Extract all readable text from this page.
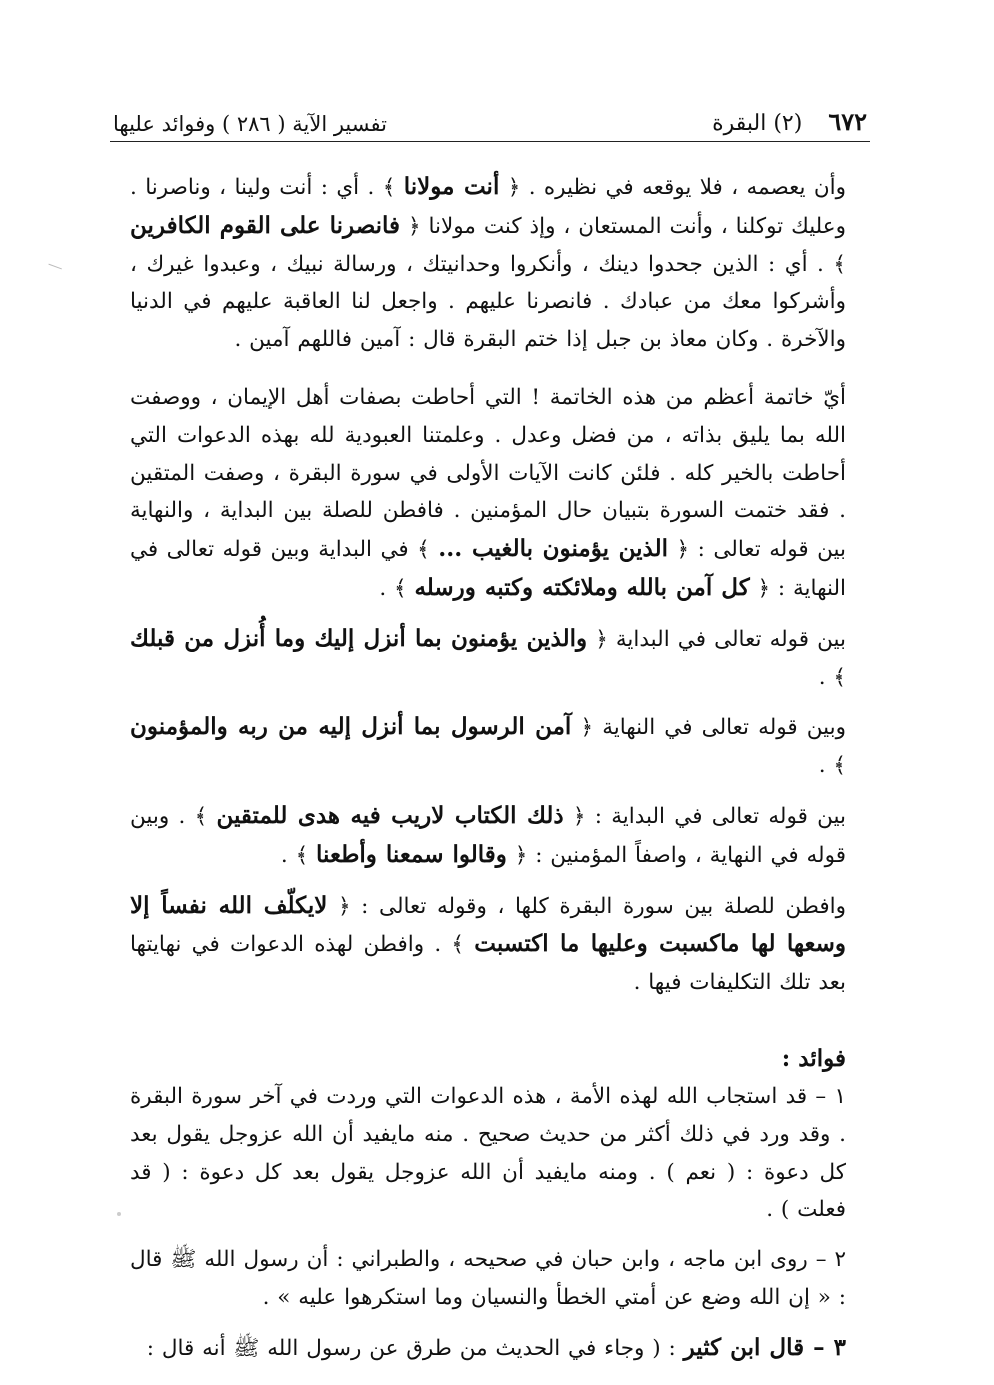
٦٧٢
(٢) البقرة
تفسير الآية ( ٢٨٦ ) وفوائد عليها

وأن يعصمه ، فلا يوقعه في نظيره . ﴿ أنت مولانا ﴾ . أي : أنت ولينا ، وناصرنا . وعليك توكلنا ، وأنت المستعان ، وإذ كنت مولانا ﴿ فانصرنا على القوم الكافرين ﴾ . أي : الذين جحدوا دينك ، وأنكروا وحدانيتك ، ورسالة نبيك ، وعبدوا غيرك ، وأشركوا معك من عبادك . فانصرنا عليهم . واجعل لنا العاقبة عليهم في الدنيا والآخرة . وكان معاذ بن جبل إذا ختم البقرة قال : آمين فاللهم آمين .

أيّ خاتمة أعظم من هذه الخاتمة ! التي أحاطت بصفات أهل الإيمان ، ووصفت الله بما يليق بذاته ، من فضل وعدل . وعلمتنا العبودية لله بهذه الدعوات التي أحاطت بالخير كله . فلئن كانت الآيات الأولى في سورة البقرة ، وصفت المتقين . فقد ختمت السورة بتبيان حال المؤمنين . فافطن للصلة بين البداية ، والنهاية بين قوله تعالى : ﴿ الذين يؤمنون بالغيب ... ﴾ في البداية وبين قوله تعالى في النهاية : ﴿ كل آمن بالله وملائكته وكتبه ورسله ﴾ .

بين قوله تعالى في البداية ﴿ والذين يؤمنون بما أنزل إليك وما أُنزل من قبلك ﴾ .

وبين قوله تعالى في النهاية ﴿ آمن الرسول بما أنزل إليه من ربه والمؤمنون ﴾ .

بين قوله تعالى في البداية : ﴿ ذلك الكتاب لاريب فيه هدى للمتقين ﴾ . وبين قوله في النهاية ، واصفاً المؤمنين : ﴿ وقالوا سمعنا وأطعنا ﴾ .

وافطن للصلة بين سورة البقرة كلها ، وقوله تعالى : ﴿ لايكلّف الله نفساً إلا وسعها لها ماكسبت وعليها ما اكتسبت ﴾ . وافطن لهذه الدعوات في نهايتها بعد تلك التكليفات فيها .

فوائد :

١ – قد استجاب الله لهذه الأمة ، هذه الدعوات التي وردت في آخر سورة البقرة . وقد ورد في ذلك أكثر من حديث صحيح . منه مايفيد أن الله عزوجل يقول بعد كل دعوة : ( نعم ) . ومنه مايفيد أن الله عزوجل يقول بعد كل دعوة : ( قد فعلت ) .

٢ – روى ابن ماجه ، وابن حبان في صحيحه ، والطبراني : أن رسول الله ﷺ قال : « إن الله وضع عن أمتي الخطأ والنسيان وما استكرهوا عليه » .

٣ – قال ابن كثير : ( وجاء في الحديث من طرق عن رسول الله ﷺ أنه قال :
